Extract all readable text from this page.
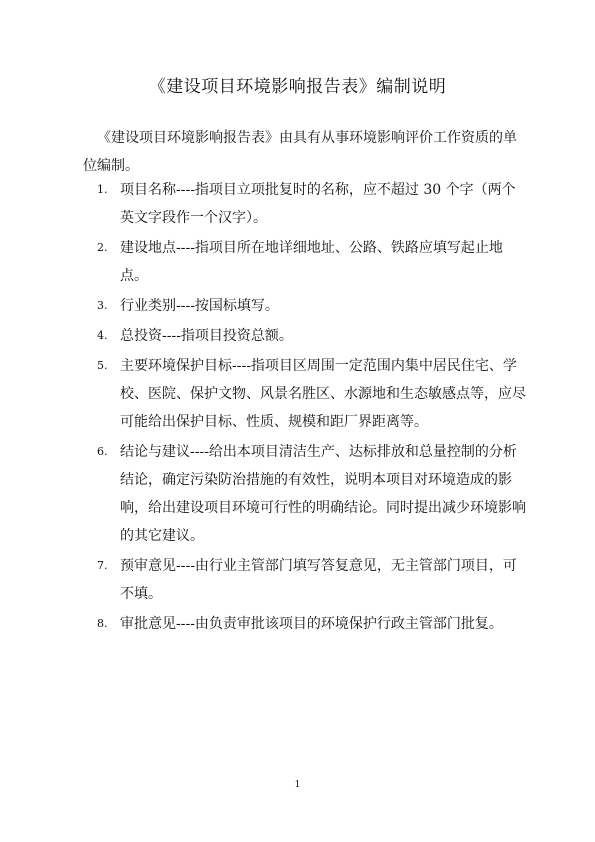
《建设项目环境影响报告表》编制说明
《建设项目环境影响报告表》由具有从事环境影响评价工作资质的单
位编制。
1. 项目名称----指项目立项批复时的名称，应不超过 30 个字（两个英文字段作一个汉字）。
2. 建设地点----指项目所在地详细地址、公路、铁路应填写起止地点。
3. 行业类别----按国标填写。
4. 总投资----指项目投资总额。
5. 主要环境保护目标----指项目区周围一定范围内集中居民住宅、学校、医院、保护文物、风景名胜区、水源地和生态敏感点等，应尽可能给出保护目标、性质、规模和距厂界距离等。
6. 结论与建议----给出本项目清洁生产、达标排放和总量控制的分析结论，确定污染防治措施的有效性，说明本项目对环境造成的影响，给出建设项目环境可行性的明确结论。同时提出减少环境影响的其它建议。
7. 预审意见----由行业主管部门填写答复意见，无主管部门项目，可不填。
8. 审批意见----由负责审批该项目的环境保护行政主管部门批复。
1
